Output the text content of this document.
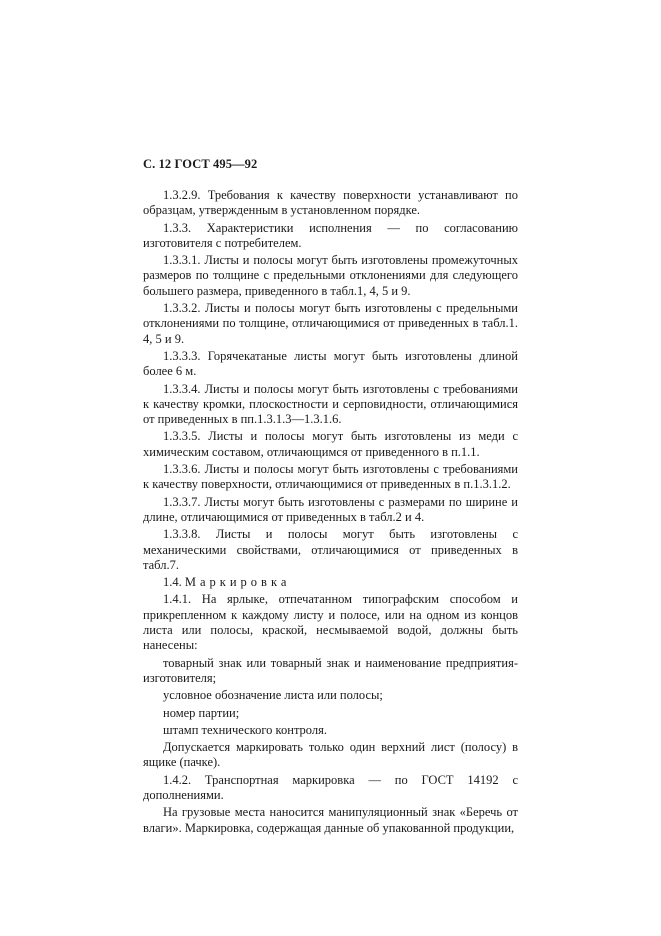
С. 12 ГОСТ 495—92

1.3.2.9. Требования к качеству поверхности устанавливают по образцам, утвержденным в установленном порядке.

1.3.3. Характеристики исполнения — по согласованию изготовителя с потребителем.

1.3.3.1. Листы и полосы могут быть изготовлены промежуточных размеров по толщине с предельными отклонениями для следующего большего размера, приведенного в табл.1, 4, 5 и 9.

1.3.3.2. Листы и полосы могут быть изготовлены с предельными отклонениями по толщине, отличающимися от приведенных в табл.1. 4, 5 и 9.

1.3.3.3. Горячекатаные листы могут быть изготовлены длиной более 6 м.

1.3.3.4. Листы и полосы могут быть изготовлены с требованиями к качеству кромки, плоскостности и серповидности, отличающимися от приведенных в пп.1.3.1.3—1.3.1.6.

1.3.3.5. Листы и полосы могут быть изготовлены из меди с химическим составом, отличающимся от приведенного в п.1.1.

1.3.3.6. Листы и полосы могут быть изготовлены с требованиями к качеству поверхности, отличающимися от приведенных в п.1.3.1.2.

1.3.3.7. Листы могут быть изготовлены с размерами по ширине и длине, отличающимися от приведенных в табл.2 и 4.

1.3.3.8. Листы и полосы могут быть изготовлены с механическими свойствами, отличающимися от приведенных в табл.7.

1.4. Маркировка

1.4.1. На ярлыке, отпечатанном типографским способом и прикрепленном к каждому листу и полосе, или на одном из концов листа или полосы, краской, несмываемой водой, должны быть нанесены:

товарный знак или товарный знак и наименование предприятия-изготовителя;

условное обозначение листа или полосы;

номер партии;

штамп технического контроля.

Допускается маркировать только один верхний лист (полосу) в ящике (пачке).

1.4.2. Транспортная маркировка — по ГОСТ 14192 с дополнениями.

На грузовые места наносится манипуляционный знак «Беречь от влаги». Маркировка, содержащая данные об упакованной продукции,
